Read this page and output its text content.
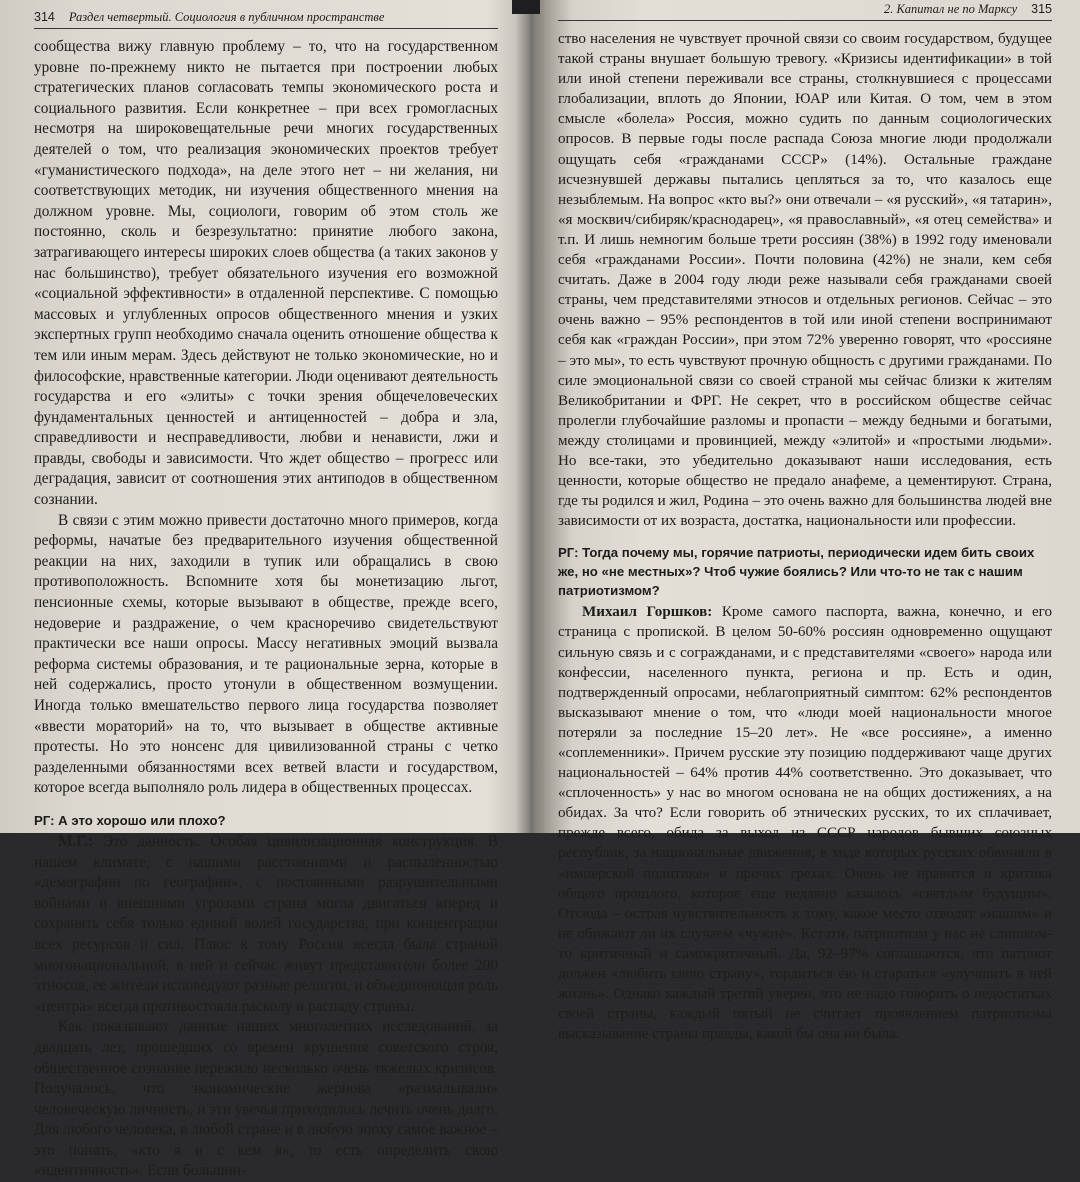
314 Раздел четвертый. Социология в публичном пространстве

сообщества вижу главную проблему – то, что на государственном уровне по-прежнему никто не пытается при построении любых стратегических планов согласовать темпы экономического роста и социального развития. Если конкретнее – при всех громогласных несмотря на широковещательные речи многих государственных деятелей о том, что реализация экономических проектов требует «гуманистического подхода», на деле этого нет – ни желания, ни соответствующих методик, ни изучения общественного мнения на должном уровне. Мы, социологи, говорим об этом столь же постоянно, сколь и безрезультатно: принятие любого закона, затрагивающего интересы широких слоев общества (а таких законов у нас большинство), требует обязательного изучения его возможной «социальной эффективности» в отдаленной перспективе. С помощью массовых и углубленных опросов общественного мнения и узких экспертных групп необходимо сначала оценить отношение общества к тем или иным мерам. Здесь действуют не только экономические, но и философские, нравственные категории. Люди оценивают деятельность государства и его «элиты» с точки зрения общечеловеческих фундаментальных ценностей и антиценностей – добра и зла, справедливости и несправедливости, любви и ненависти, лжи и правды, свободы и зависимости. Что ждет общество – прогресс или деградация, зависит от соотношения этих антиподов в общественном сознании.

В связи с этим можно привести достаточно много примеров, когда реформы, начатые без предварительного изучения общественной реакции на них, заходили в тупик или обращались в свою противоположность. Вспомните хотя бы монетизацию льгот, пенсионные схемы, которые вызывают в обществе, прежде всего, недоверие и раздражение, о чем красноречиво свидетельствуют практически все наши опросы. Массу негативных эмоций вызвала реформа системы образования, и те рациональные зерна, которые в ней содержались, просто утонули в общественном возмущении. Иногда только вмешательство первого лица государства позволяет «ввести мораторий» на то, что вызывает в обществе активные протесты. Но это нонсенс для цивилизованной страны с четко разделенными обязанностями всех ветвей власти и государством, которое всегда выполняло роль лидера в общественных процессах.

РГ: А это хорошо или плохо?

М.Г.: Это данность. Особая цивилизационная конструкция. В нашем климате, с нашими расстояниями и распыленностью «демографии по географии», с постоянными разрушительными войнами и внешними угрозами страна могла двигаться вперед и сохранять себя только единой волей государства, при концентрации всех ресурсов и сил. Плюс к тому Россия всегда была страной многонациональной, в ней и сейчас живут представители более 200 этносов, ее жители исповедуют разные религии, и объединяющая роль «центра» всегда противостояла расколу и распаду страны.

Как показывают данные наших многолетних исследований, за двадцать лет, прошедших со времен крушения советского строя, общественное сознание пережило несколько очень тяжелых кризисов. Получалось, что экономические жернова «размалывали» человеческую личность, и эти увечья приходилось лечить очень долго. Для любого человека, в любой стране и в любую эпоху самое важное – это понять, «кто я и с кем я», то есть определить свою «идентичность». Если большин-

2. Капитал не по Марксу 315

ство населения не чувствует прочной связи со своим государством, будущее такой страны внушает большую тревогу. «Кризисы идентификации» в той или иной степени переживали все страны, столкнувшиеся с процессами глобализации, вплоть до Японии, ЮАР или Китая. О том, чем в этом смысле «болела» Россия, можно судить по данным социологических опросов. В первые годы после распада Союза многие люди продолжали ощущать себя «гражданами СССР» (14%). Остальные граждане исчезнувшей державы пытались цепляться за то, что казалось еще незыблемым. На вопрос «кто вы?» они отвечали – «я русский», «я татарин», «я москвич/сибиряк/краснодарец», «я православный», «я отец семейства» и т.п. И лишь немногим больше трети россиян (38%) в 1992 году именовали себя «гражданами России». Почти половина (42%) не знали, кем себя считать. Даже в 2004 году люди реже называли себя гражданами своей страны, чем представителями этносов и отдельных регионов. Сейчас – это очень важно – 95% респондентов в той или иной степени воспринимают себя как «граждан России», при этом 72% уверенно говорят, что «россияне – это мы», то есть чувствуют прочную общность с другими гражданами. По силе эмоциональной связи со своей страной мы сейчас близки к жителям Великобритании и ФРГ. Не секрет, что в российском обществе сейчас пролегли глубочайшие разломы и пропасти – между бедными и богатыми, между столицами и провинцией, между «элитой» и «простыми людьми». Но все-таки, это убедительно доказывают наши исследования, есть ценности, которые общество не предало анафеме, а цементируют. Страна, где ты родился и жил, Родина – это очень важно для большинства людей вне зависимости от их возраста, достатка, национальности или профессии.

РГ: Тогда почему мы, горячие патриоты, периодически идем бить своих же, но «не местных»? Чтоб чужие боялись? Или что-то не так с нашим патриотизмом?

Михаил Горшков: Кроме самого паспорта, важна, конечно, и его страница с пропиской. В целом 50-60% россиян одновременно ощущают сильную связь и с согражданами, и с представителями «своего» народа или конфессии, населенного пункта, региона и пр. Есть и один, подтвержденный опросами, неблагоприятный симптом: 62% респондентов высказывают мнение о том, что «люди моей национальности многое потеряли за последние 15–20 лет». Не «все россияне», а именно «соплеменники». Причем русские эту позицию поддерживают чаще других национальностей – 64% против 44% соответственно. Это доказывает, что «сплоченность» у нас во многом основана не на общих достижениях, а на обидах. За что? Если говорить об этнических русских, то их сплачивает, прежде всего, обида за выход из СССР народов бывших союзных республик, за национальные движения, в ходе которых русских обвиняли в «имперской политике» и прочих грехах. Очень не нравится и критика общего прошлого, которое еще недавно казалось «светлым будущим». Отсюда – острая чувствительность к тому, какое место отводят «нашим» и не обижают ли их случаем «чужие». Кстати, патриотизм у нас не слишком-то критичный и самокритичный. Да, 92–97% соглашаются, что патриот должен «любить свою страну», гордиться ею и стараться «улучшить в ней жизнь». Однако каждый третий уверен, что не надо говорить о недостатках своей страны, каждый пятый не считает проявлением патриотизма высказывание страны правды, какой бы она ни была.
